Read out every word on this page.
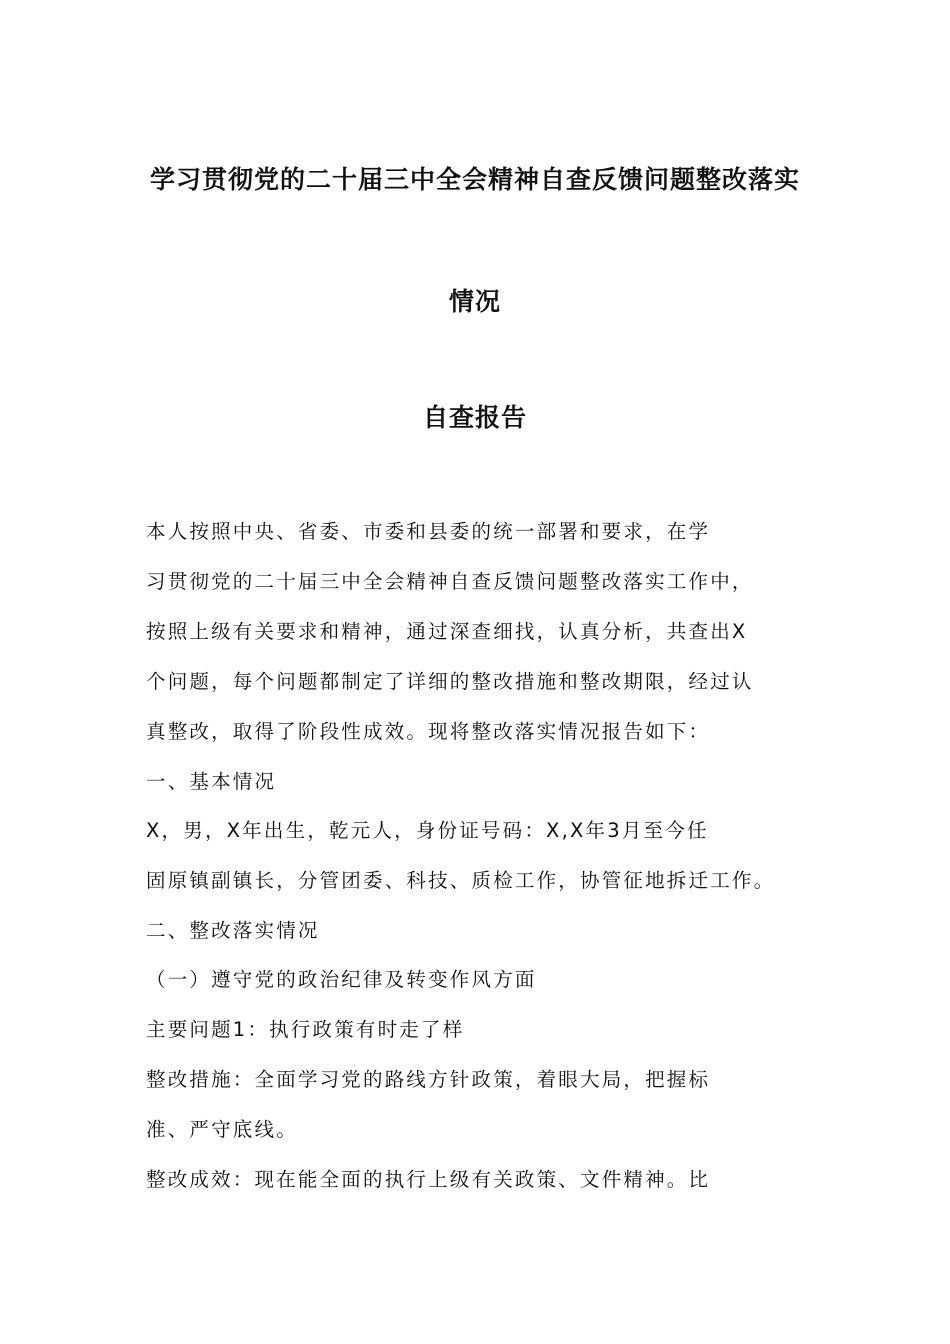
学习贯彻党的二十届三中全会精神自查反馈问题整改落实
情况
自查报告
本人按照中央、省委、市委和县委的统一部署和要求，在学
习贯彻党的二十届三中全会精神自查反馈问题整改落实工作中，
按照上级有关要求和精神，通过深查细找，认真分析，共查出X
个问题，每个问题都制定了详细的整改措施和整改期限，经过认
真整改，取得了阶段性成效。现将整改落实情况报告如下：
一、基本情况
X，男，X年出生，乾元人，身份证号码：X,X年3月至今任
固原镇副镇长，分管团委、科技、质检工作，协管征地拆迁工作。
二、整改落实情况
（一）遵守党的政治纪律及转变作风方面
主要问题1：执行政策有时走了样
整改措施：全面学习党的路线方针政策，着眼大局，把握标
准、严守底线。
整改成效：现在能全面的执行上级有关政策、文件精神。比
